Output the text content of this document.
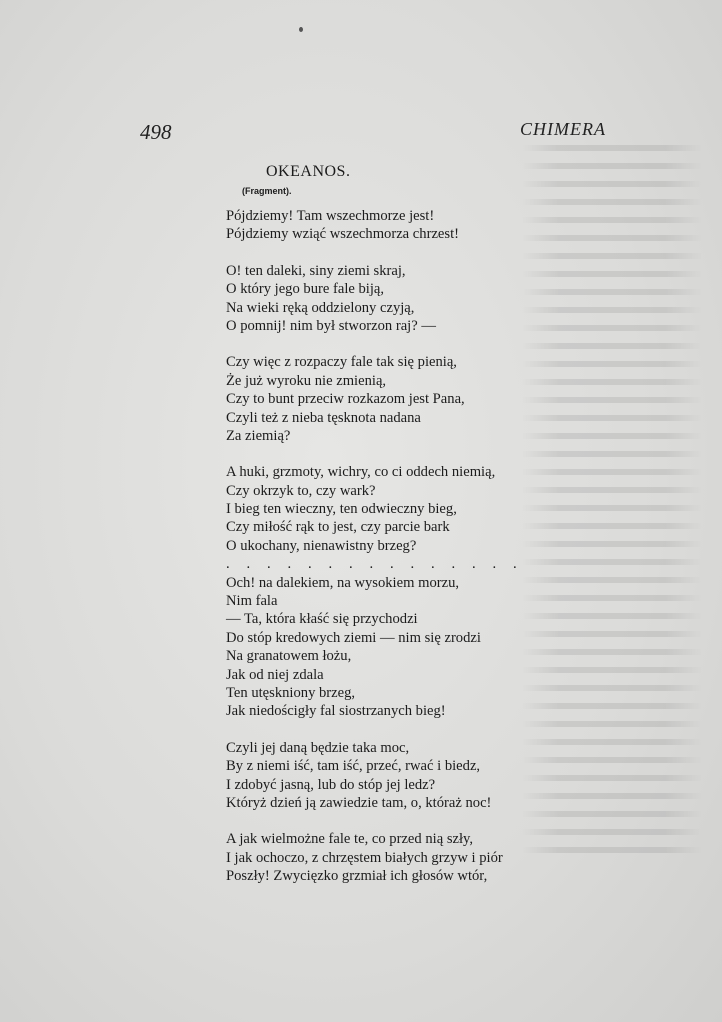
498	CHIMERA
OKEANOS.
(Fragment).
Pójdziemy! Tam wszechmorze jest!
Pójdziemy wziąć wszechmorza chrzest!
O! ten daleki, siny ziemi skraj,
O który jego bure fale biją,
Na wieki ręką oddzielony czyją,
O pomnij! nim był stworzon raj? —
Czy więc z rozpaczy fale tak się pienią,
Że już wyroku nie zmienią,
Czy to bunt przeciw rozkazom jest Pana,
Czyli też z nieba tęsknota nadana
Za ziemią?
A huki, grzmoty, wichry, co ci oddech niemią,
Czy okrzyk to, czy wark?
I bieg ten wieczny, ten odwieczny bieg,
Czy miłość rąk to jest, czy parcie bark
O ukochany, nienawistny brzeg?
. . . . . . . . . . . . . . .
Och! na dalekiem, na wysokiem morzu,
Nim fala
— Ta, która kłaść się przychodzi
Do stóp kredowych ziemi — nim się zrodzi
Na granatowem łożu,
Jak od niej zdala
Ten utęskniony brzeg,
Jak niedościgły fal siostrzanych bieg!
Czyli jej daną będzie taka moc,
By z niemi iść, tam iść, przeć, rwać i biedz,
I zdobyć jasną, lub do stóp jej ledz?
Któryż dzień ją zawiedzie tam, o, któraż noc!
A jak wielmożne fale te, co przed nią szły,
I jak ochoczo, z chrzęstem białych grzyw i piór
Poszły! Zwycięzko grzmiał ich głosów wtór,
